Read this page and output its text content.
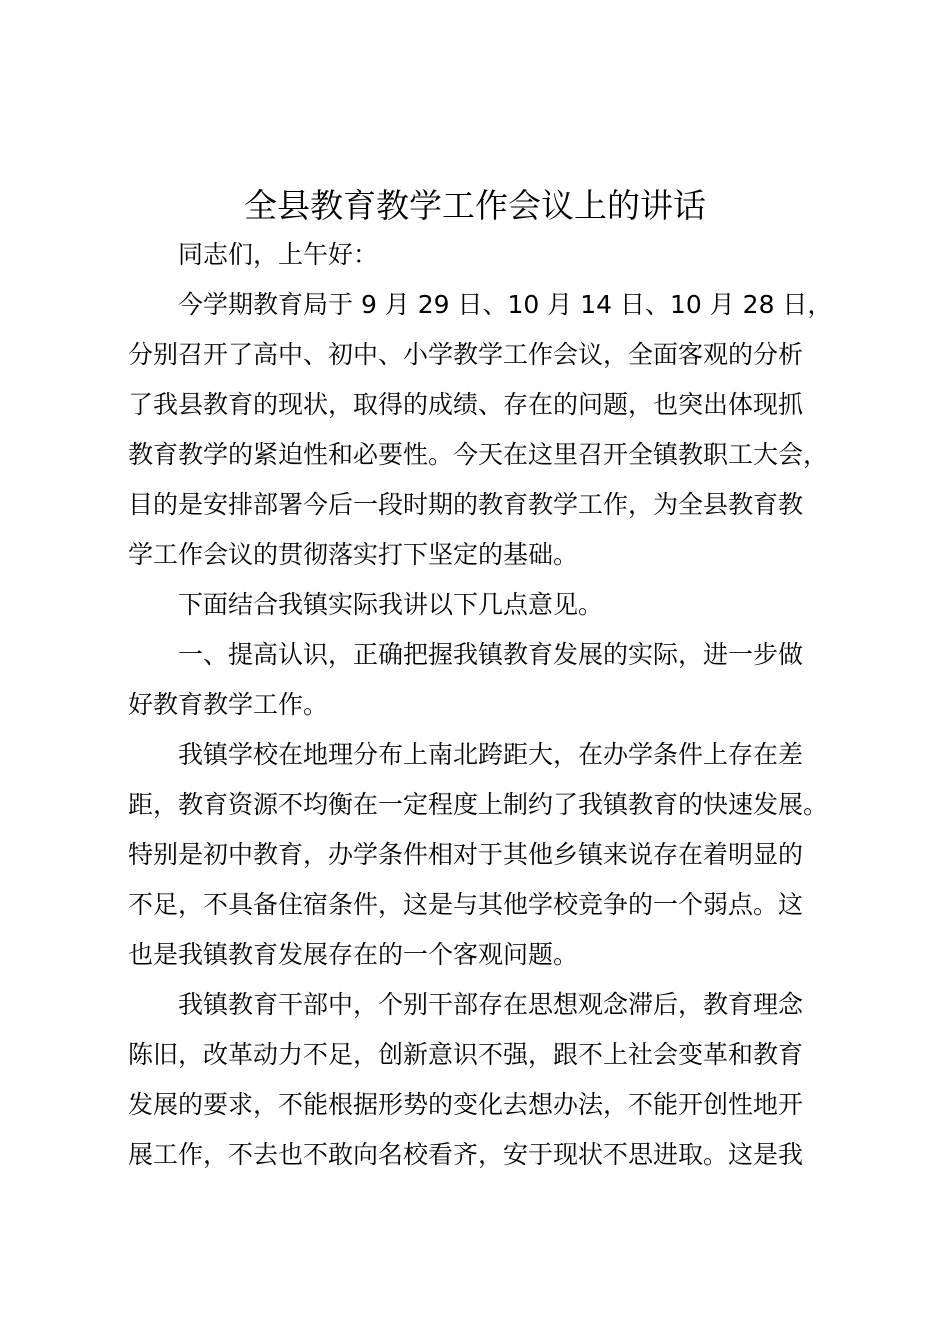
全县教育教学工作会议上的讲话
同志们，上午好：
今学期教育局于 9 月 29 日、10 月 14 日、10 月 28 日，
分别召开了高中、初中、小学教学工作会议，全面客观的分析
了我县教育的现状，取得的成绩、存在的问题，也突出体现抓
教育教学的紧迫性和必要性。今天在这里召开全镇教职工大会，
目的是安排部署今后一段时期的教育教学工作，为全县教育教
学工作会议的贯彻落实打下坚定的基础。
下面结合我镇实际我讲以下几点意见。
一、提高认识，正确把握我镇教育发展的实际，进一步做
好教育教学工作。
我镇学校在地理分布上南北跨距大，在办学条件上存在差
距，教育资源不均衡在一定程度上制约了我镇教育的快速发展。
特别是初中教育，办学条件相对于其他乡镇来说存在着明显的
不足，不具备住宿条件，这是与其他学校竞争的一个弱点。这
也是我镇教育发展存在的一个客观问题。
我镇教育干部中，个别干部存在思想观念滞后，教育理念
陈旧，改革动力不足，创新意识不强，跟不上社会变革和教育
发展的要求，不能根据形势的变化去想办法，不能开创性地开
展工作，不去也不敢向名校看齐，安于现状不思进取。这是我
